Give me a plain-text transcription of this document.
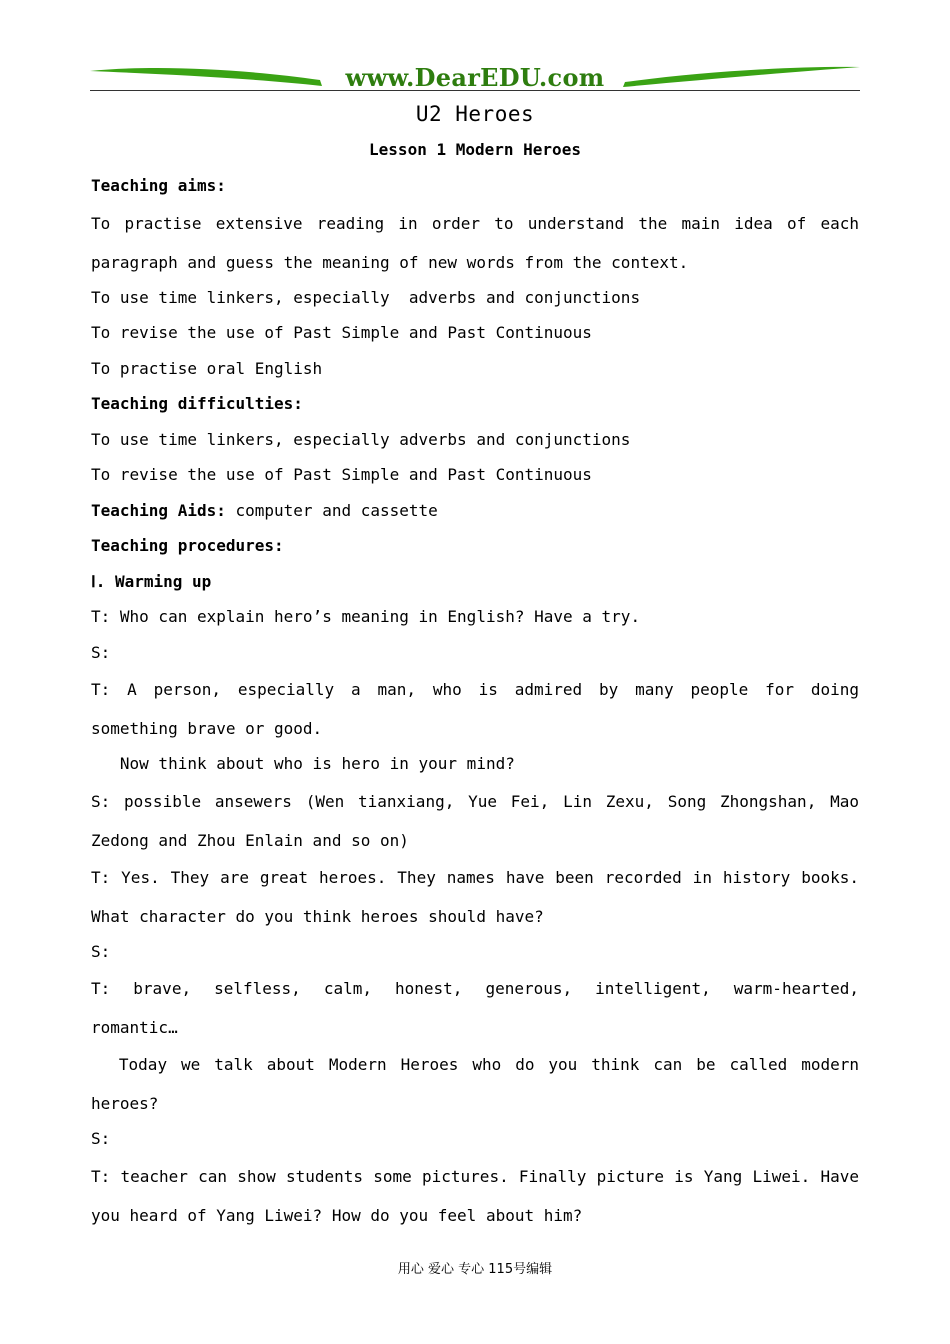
www.DearEDU.com
U2 Heroes
Lesson 1 Modern Heroes
Teaching aims:
To practise extensive reading in order to understand the main idea of each paragraph and guess the meaning of new words from the context.
To use time linkers, especially  adverbs and conjunctions
To revise the use of Past Simple and Past Continuous
To practise oral English
Teaching difficulties:
To use time linkers, especially adverbs and conjunctions
To revise the use of Past Simple and Past Continuous
Teaching Aids: computer and cassette
Teaching procedures:
Ⅰ. Warming up
T: Who can explain hero’s meaning in English? Have a try.
S:
T: A person, especially a man, who is admired by many people for doing something brave or good.
Now think about who is hero in your mind?
S: possible ansewers (Wen tianxiang, Yue Fei, Lin Zexu, Song Zhongshan, Mao Zedong and Zhou Enlain and so on)
T: Yes. They are great heroes. They names have been recorded in history books. What character do you think heroes should have?
S:
T: brave, selfless, calm, honest, generous, intelligent, warm-hearted, romantic…
Today we talk about Modern Heroes who do you think can be called modern heroes?
S:
T: teacher can show students some pictures. Finally picture is Yang Liwei. Have you heard of Yang Liwei? How do you feel about him?
用心 爱心 专心 115号编辑
